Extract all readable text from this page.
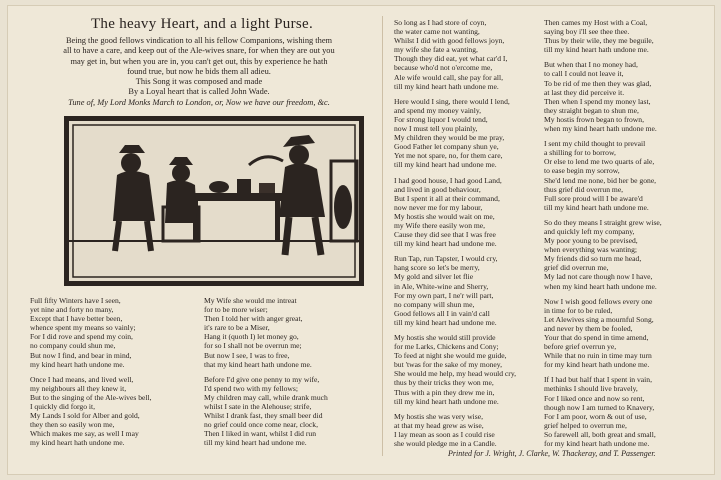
The heavy Heart, and a light Purse.
Being the good fellows vindication to all his fellow Companions, wishing them
all to have a care, and keep out of the Ale-wives snare, for when they are out you
may get in, but when you are in, you can't get out, this by experience he hath
found true, but now he bids them all adieu.
This Song it was composed and made
By a Loyal heart that is called John Wade.
Tune of, My Lord Monks March to London, or, Now we have our freedom, &c.
Full fifty Winters have I seen,
yet nine and forty no many,
Except that I have better been,
whence spent my means so vainly;
For I did rove and spend my coin,
no company could shun me,
But now I find, and bear in mind,
my kind heart hath undone me.
Once I had means, and lived well,
my neighbours all they knew it,
But to the singing of the Ale-wives bell,
I quickly did forgo it,
My Lands I sold for Alber and gold,
they then so easily won me,
Which makes me say, as well I may
my kind heart hath undone me.
My Wife she would me intreat
for to be more wiser;
Then I told her with anger great,
it's rare to be a Miser,
Hang it (quoth I) let money go,
for so I shall not be overrun me;
But now I see, I was to free,
that my kind heart hath undone me.
Before I'd give one penny to my wife,
I'd spend two with my fellows;
My children may call, while drank much
whilst I sate in the Alehouse; strife,
Whilst I drank fast, they small beer did
no grief could once come near, clock,
Then I liked in want, whilst I did run
till my kind heart had undone me.
So long as I had store of coyn,
the water came not wanting,
Whilst I did with good fellows joyn,
my wife she fate a wanting,
Though they did eat, yet what car'd I,
because who'd not o'ercome me,
Ale wife would call, she pay for all,
till my kind heart hath undone me.
Here would I sing, there would I lend,
and spend my money vainly,
For strong liquor I would tend,
now I must tell you plainly,
My children they would be me pray,
Good Father let company shun ye,
Yet me not spare, no, for them care,
till my kind heart had undone me.
I had good house, I had good Land,
and lived in good behaviour,
But I spent it all at their command,
now never me for my labour,
My hostis she would wait on me,
my Wife there easily won me,
Cause they did see that I was free
till my kind heart had undone me.
Run Tap, run Tapster, I would cry,
hang score so let's be merry,
My gold and silver let flie
in Ale, White-wine and Sherry,
For my own part, I ne'r will part,
no company will shun me,
Good fellows all I in vain'd call
till my kind heart had undone me.
My hostis she would still provide
for me Larks, Chickens and Cony;
To feed at night she would me guide,
but 'twas for the sake of my money,
She would me help, my head would cry,
thus by their tricks they won me,
Thus with a pin they drew me in,
till my kind heart hath undone me.
My hostis she was very wise,
at that my head grew as wise,
I lay mean as soon as I could rise
she would pledge me in a Candle.
Then cames my Host with a Coal,
saying boy i'll see thee thee.
Thus by their wile, they me beguile,
till my kind heart hath undone me.
But when that I no money had,
to call I could not leave it,
To be rid of me then they was glad,
at last they did perceive it.
Then when I spend my money last,
they straight began to shun me,
My hostis frown began to frown,
when my kind heart hath undone me.
I sent my child thought to prevail
a shilling for to borrow,
Or else to lend me two quarts of ale,
to ease begin my sorrow,
She'd lend me none, bid her be gone,
thus grief did overrun me,
Full sore proud will I be aware'd
till my kind heart hath undone me.
So do they means I straight grew wise,
and quickly left my company,
My poor young to be prevised,
when everything was wanting;
My friends did so turn me head,
grief did overrun me,
My lad not care though now I have,
when my kind heart hath undone me.
Now I wish good fellows every one
in time for to be ruled,
Let Alewives sing a mournful Song,
and never by them be fooled,
Your that do spend in time amend,
before grief overrun ye,
While that no ruin in time may turn
for my kind heart hath undone me.
If I had but half that I spent in vain,
methinks I should live bravely,
For I liked once and now so rent,
though now I am turned to Knavery,
For I am poor, worn & out of use,
grief helped to overrun me,
So farewell all, both great and small,
for my kind heart hath undone me.
Printed for J. Wright, J. Clarke, W. Thackeray, and T. Passenger.
